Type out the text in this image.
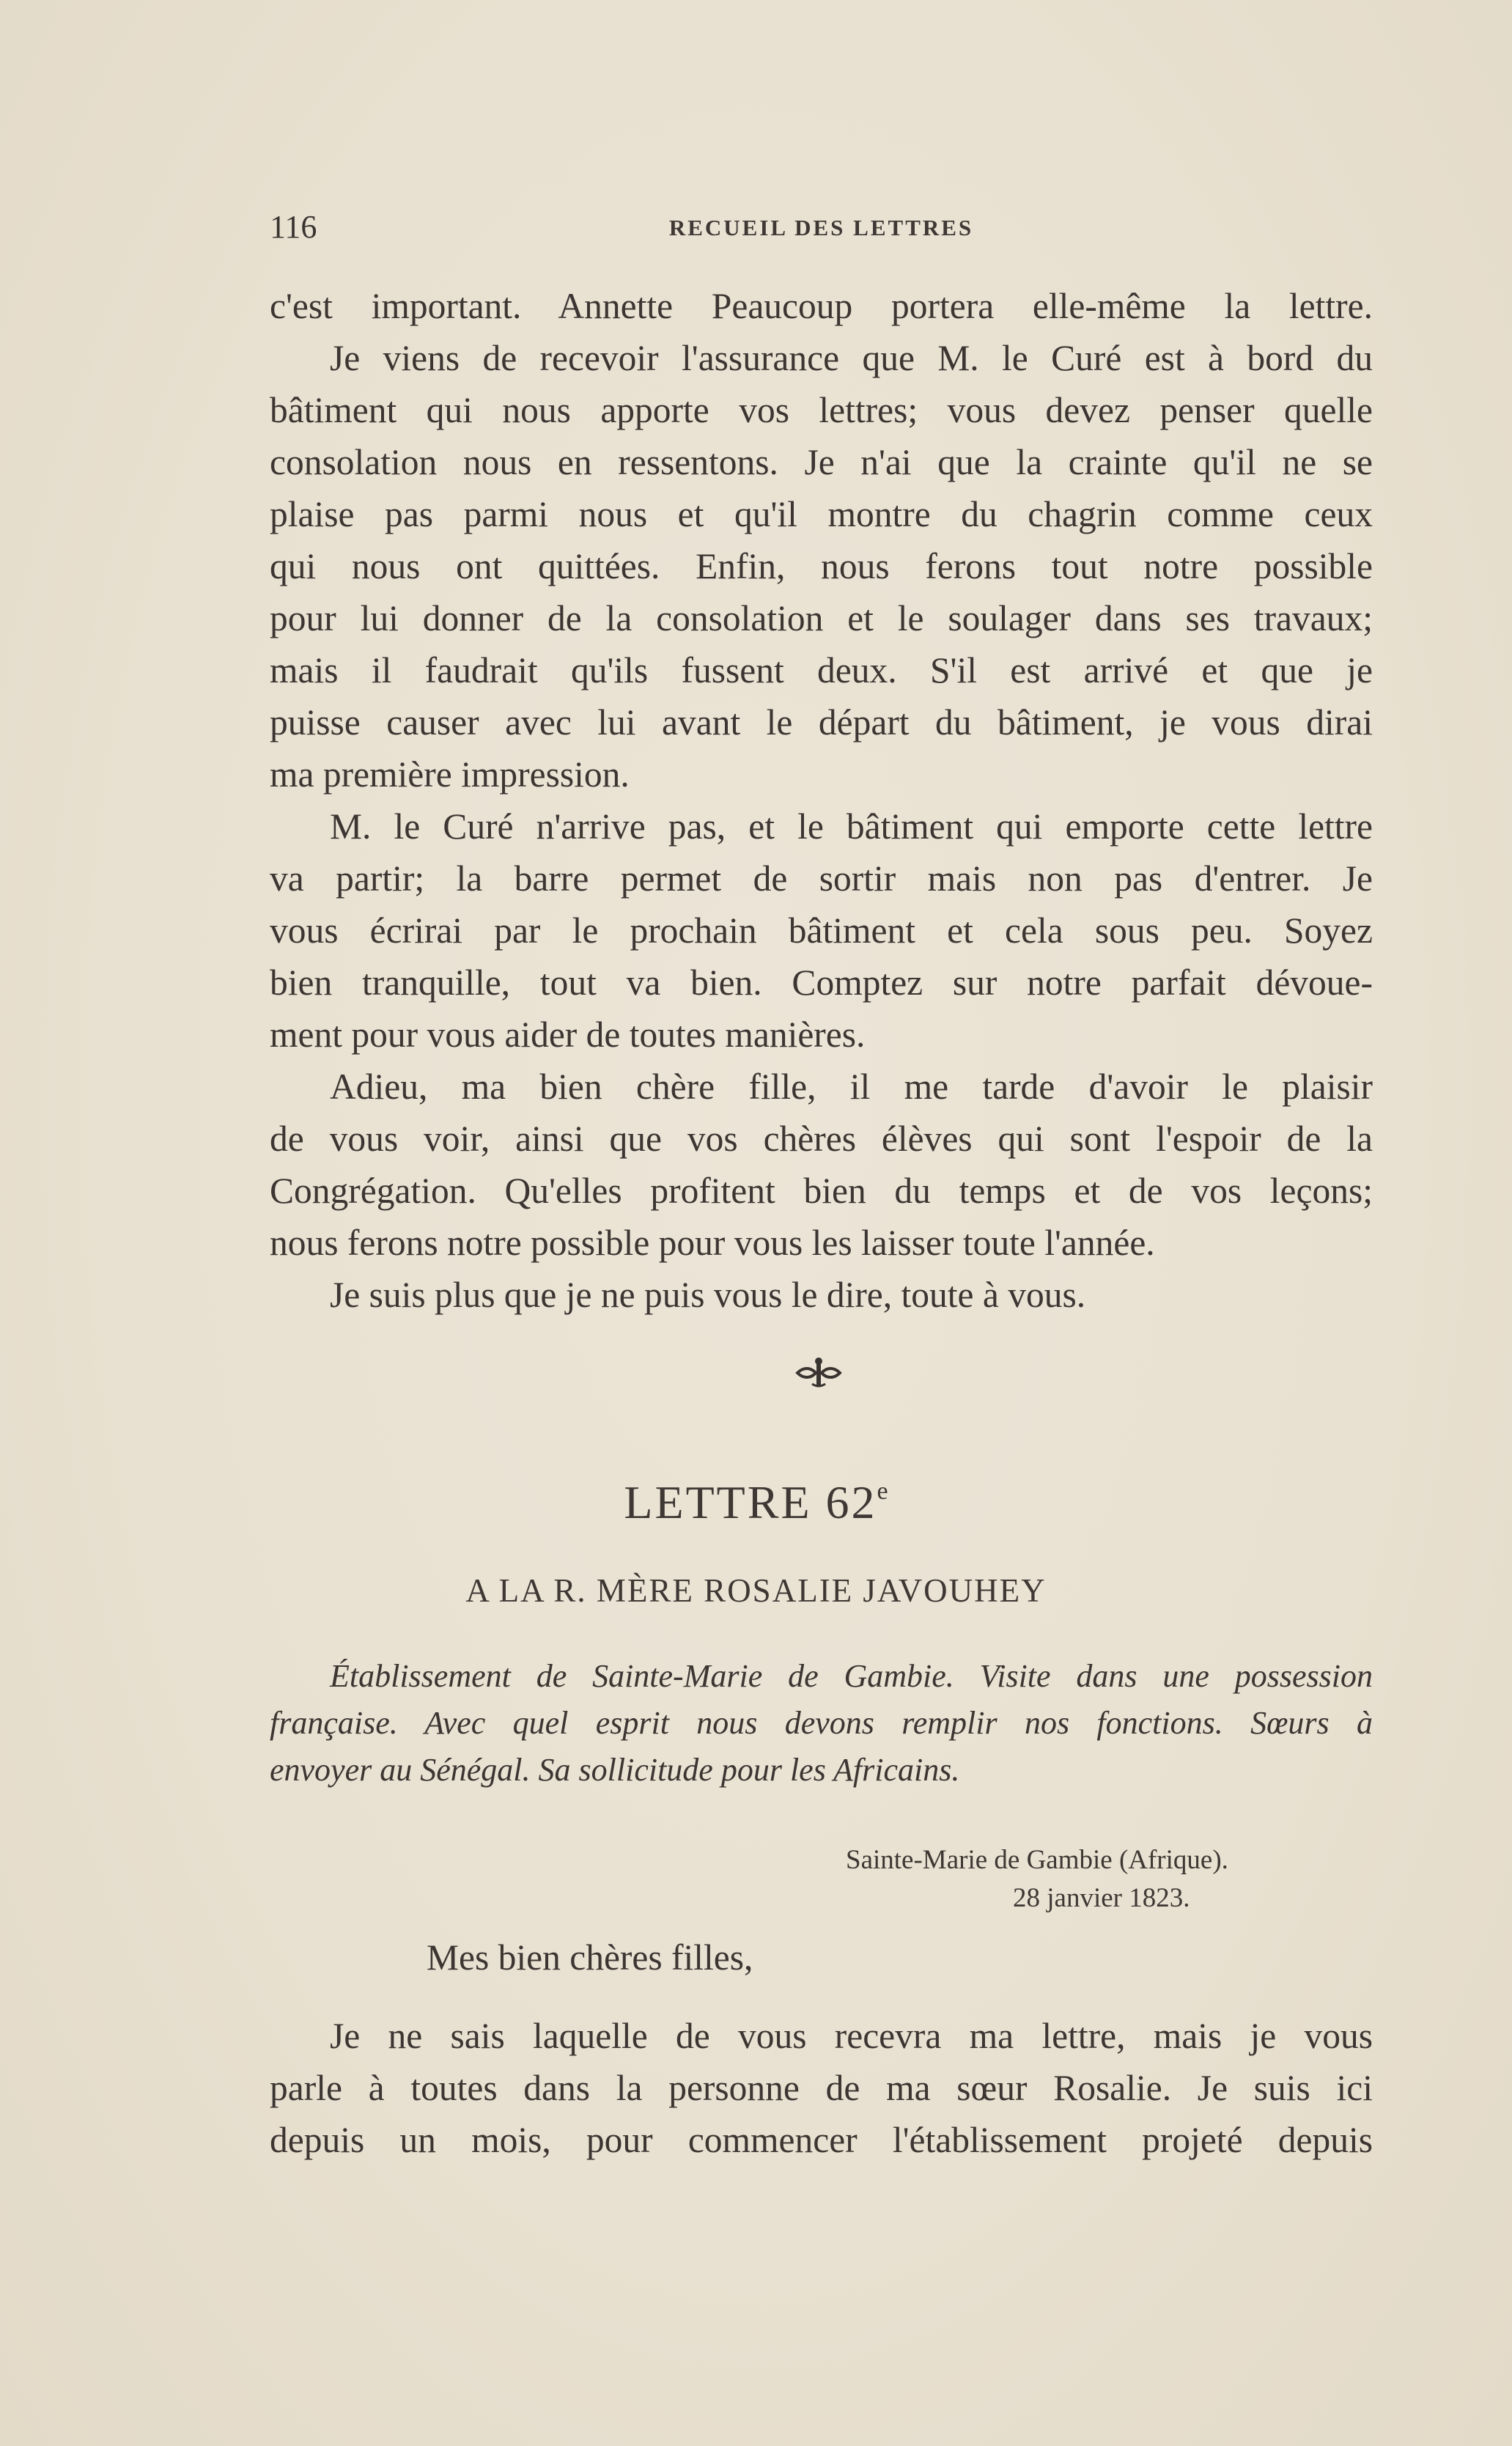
116	RECUEIL DES LETTRES
c'est important. Annette Peaucoup portera elle-même la lettre.
Je viens de recevoir l'assurance que M. le Curé est à bord du
bâtiment qui nous apporte vos lettres; vous devez penser quelle
consolation nous en ressentons. Je n'ai que la crainte qu'il ne se
plaise pas parmi nous et qu'il montre du chagrin comme ceux
qui nous ont quittées. Enfin, nous ferons tout notre possible
pour lui donner de la consolation et le soulager dans ses travaux;
mais il faudrait qu'ils fussent deux. S'il est arrivé et que je
puisse causer avec lui avant le départ du bâtiment, je vous dirai
ma première impression.
M. le Curé n'arrive pas, et le bâtiment qui emporte cette lettre
va partir; la barre permet de sortir mais non pas d'entrer. Je
vous écrirai par le prochain bâtiment et cela sous peu. Soyez
bien tranquille, tout va bien. Comptez sur notre parfait dévoue-
ment pour vous aider de toutes manières.
Adieu, ma bien chère fille, il me tarde d'avoir le plaisir
de vous voir, ainsi que vos chères élèves qui sont l'espoir de la
Congrégation. Qu'elles profitent bien du temps et de vos leçons;
nous ferons notre possible pour vous les laisser toute l'année.
Je suis plus que je ne puis vous le dire, toute à vous.
LETTRE 62e
A LA R. MÈRE ROSALIE JAVOUHEY
Établissement de Sainte-Marie de Gambie. Visite dans une possession
française. Avec quel esprit nous devons remplir nos fonctions. Sœurs à
envoyer au Sénégal. Sa sollicitude pour les Africains.
Sainte-Marie de Gambie (Afrique).
28 janvier 1823.
Mes bien chères filles,
Je ne sais laquelle de vous recevra ma lettre, mais je vous
parle à toutes dans la personne de ma sœur Rosalie. Je suis ici
depuis un mois, pour commencer l'établissement projeté depuis
